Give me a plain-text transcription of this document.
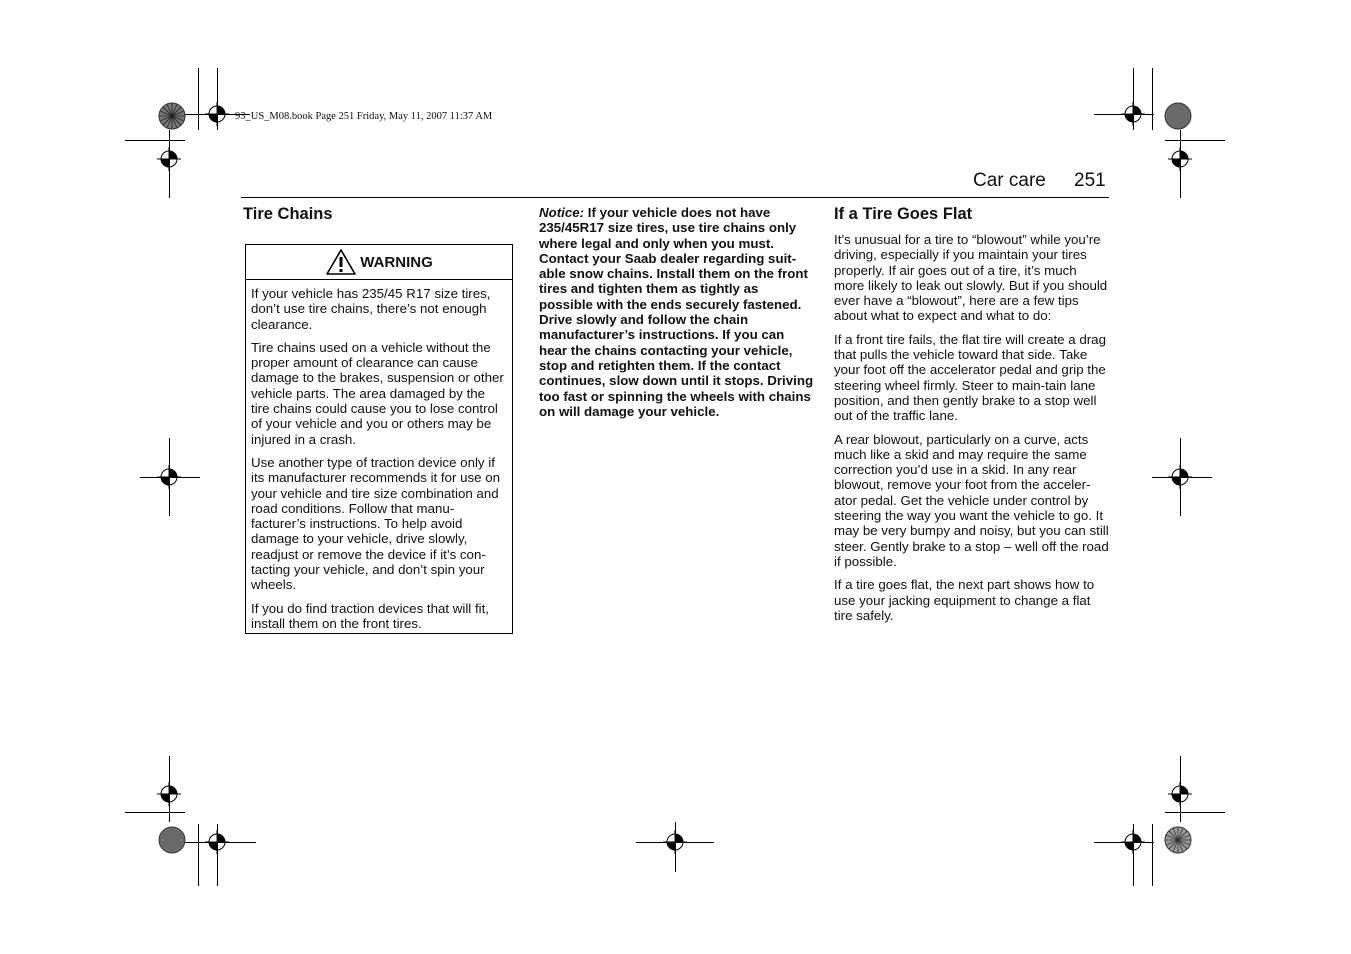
93_US_M08.book Page 251 Friday, May 11, 2007 11:37 AM
Car care 251
Tire Chains
WARNING

If your vehicle has 235/45 R17 size tires, don’t use tire chains, there’s not enough clearance.

Tire chains used on a vehicle without the proper amount of clearance can cause damage to the brakes, suspension or other vehicle parts. The area damaged by the tire chains could cause you to lose control of your vehicle and you or others may be injured in a crash.

Use another type of traction device only if its manufacturer recommends it for use on your vehicle and tire size combination and road conditions. Follow that manu-facturer’s instructions. To help avoid damage to your vehicle, drive slowly, readjust or remove the device if it’s con-tacting your vehicle, and don’t spin your wheels.

If you do find traction devices that will fit, install them on the front tires.

Notice: If your vehicle does not have 235/45R17 size tires, use tire chains only where legal and only when you must. Contact your Saab dealer regarding suit-able snow chains. Install them on the front tires and tighten them as tightly as possible with the ends securely fastened. Drive slowly and follow the chain manufacturer’s instructions. If you can hear the chains contacting your vehicle, stop and retighten them. If the contact continues, slow down until it stops. Driving too fast or spinning the wheels with chains on will damage your vehicle.
If a Tire Goes Flat

It’s unusual for a tire to “blowout” while you’re driving, especially if you maintain your tires properly. If air goes out of a tire, it’s much more likely to leak out slowly. But if you should ever have a “blowout”, here are a few tips about what to expect and what to do:

If a front tire fails, the flat tire will create a drag that pulls the vehicle toward that side. Take your foot off the accelerator pedal and grip the steering wheel firmly. Steer to main-tain lane position, and then gently brake to a stop well out of the traffic lane.

A rear blowout, particularly on a curve, acts much like a skid and may require the same correction you’d use in a skid. In any rear blowout, remove your foot from the acceler-ator pedal. Get the vehicle under control by steering the way you want the vehicle to go. It may be very bumpy and noisy, but you can still steer. Gently brake to a stop – well off the road if possible.

If a tire goes flat, the next part shows how to use your jacking equipment to change a flat tire safely.
